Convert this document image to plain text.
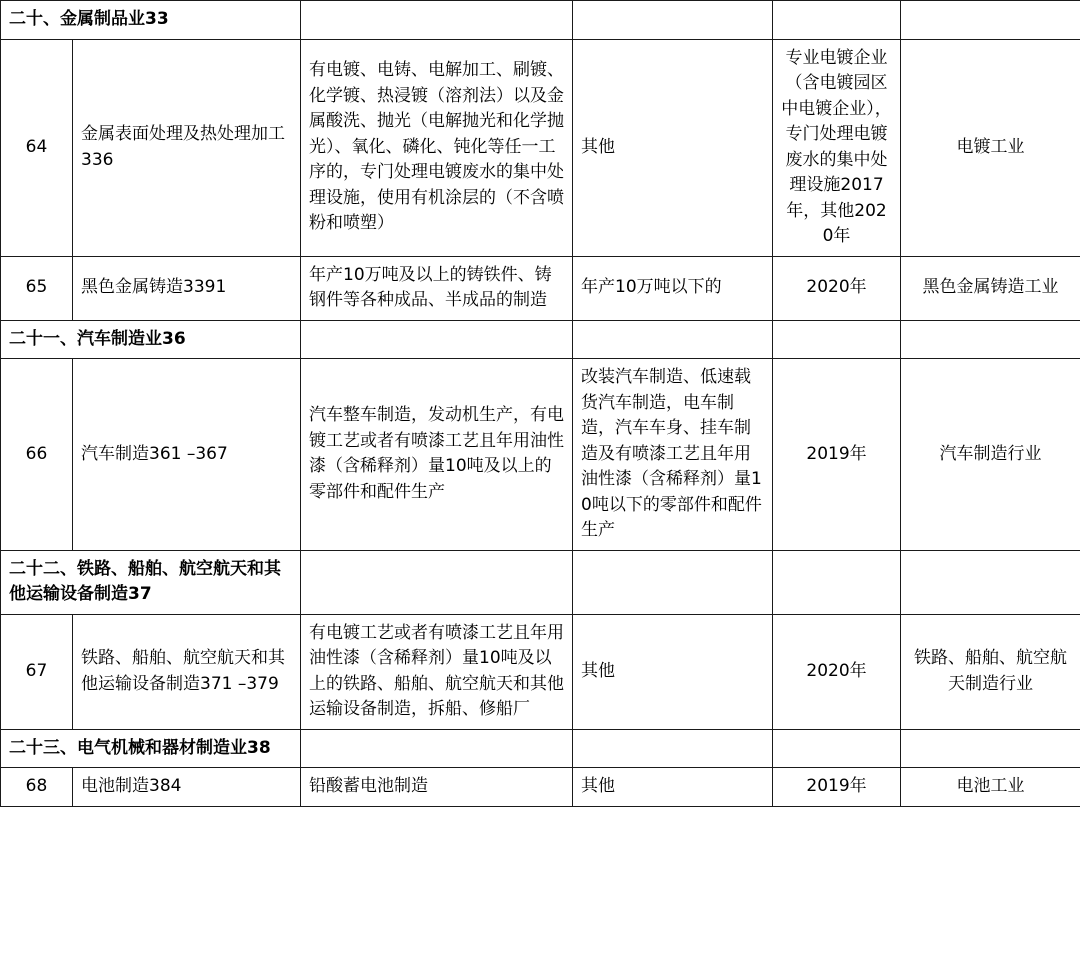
二十、金属制品业33					
64	金属表面处理及热处理加工336	有电镀、电铸、电解加工、刷镀、化学镀、热浸镀（溶剂法）以及金属酸洗、抛光（电解抛光和化学抛光）、氧化、磷化、钝化等任一工序的，专门处理电镀废水的集中处理设施，使用有机涂层的（不含喷粉和喷塑）	其他	专业电镀企业（含电镀园区中电镀企业），专门处理电镀废水的集中处理设施2017年，其他2020年	电镀工业
65	黑色金属铸造3391	年产10万吨及以上的铸铁件、铸钢件等各种成品、半成品的制造	年产10万吨以下的	2020年	黑色金属铸造工业
二十一、汽车制造业36					
66	汽车制造361 –367	汽车整车制造，发动机生产，有电镀工艺或者有喷漆工艺且年用油性漆（含稀释剂）量10吨及以上的零部件和配件生产	改装汽车制造、低速载货汽车制造，电车制造，汽车车身、挂车制造及有喷漆工艺且年用油性漆（含稀释剂）量10吨以下的零部件和配件生产	2019年	汽车制造行业
二十二、铁路、船舶、航空航天和其他运输设备制造37					
67	铁路、船舶、航空航天和其他运输设备制造371 –379	有电镀工艺或者有喷漆工艺且年用油性漆（含稀释剂）量10吨及以上的铁路、船舶、航空航天和其他运输设备制造，拆船、修船厂	其他	2020年	铁路、船舶、航空航天制造行业
二十三、电气机械和器材制造业38					
68	电池制造384	铅酸蓄电池制造	其他	2019年	电池工业
